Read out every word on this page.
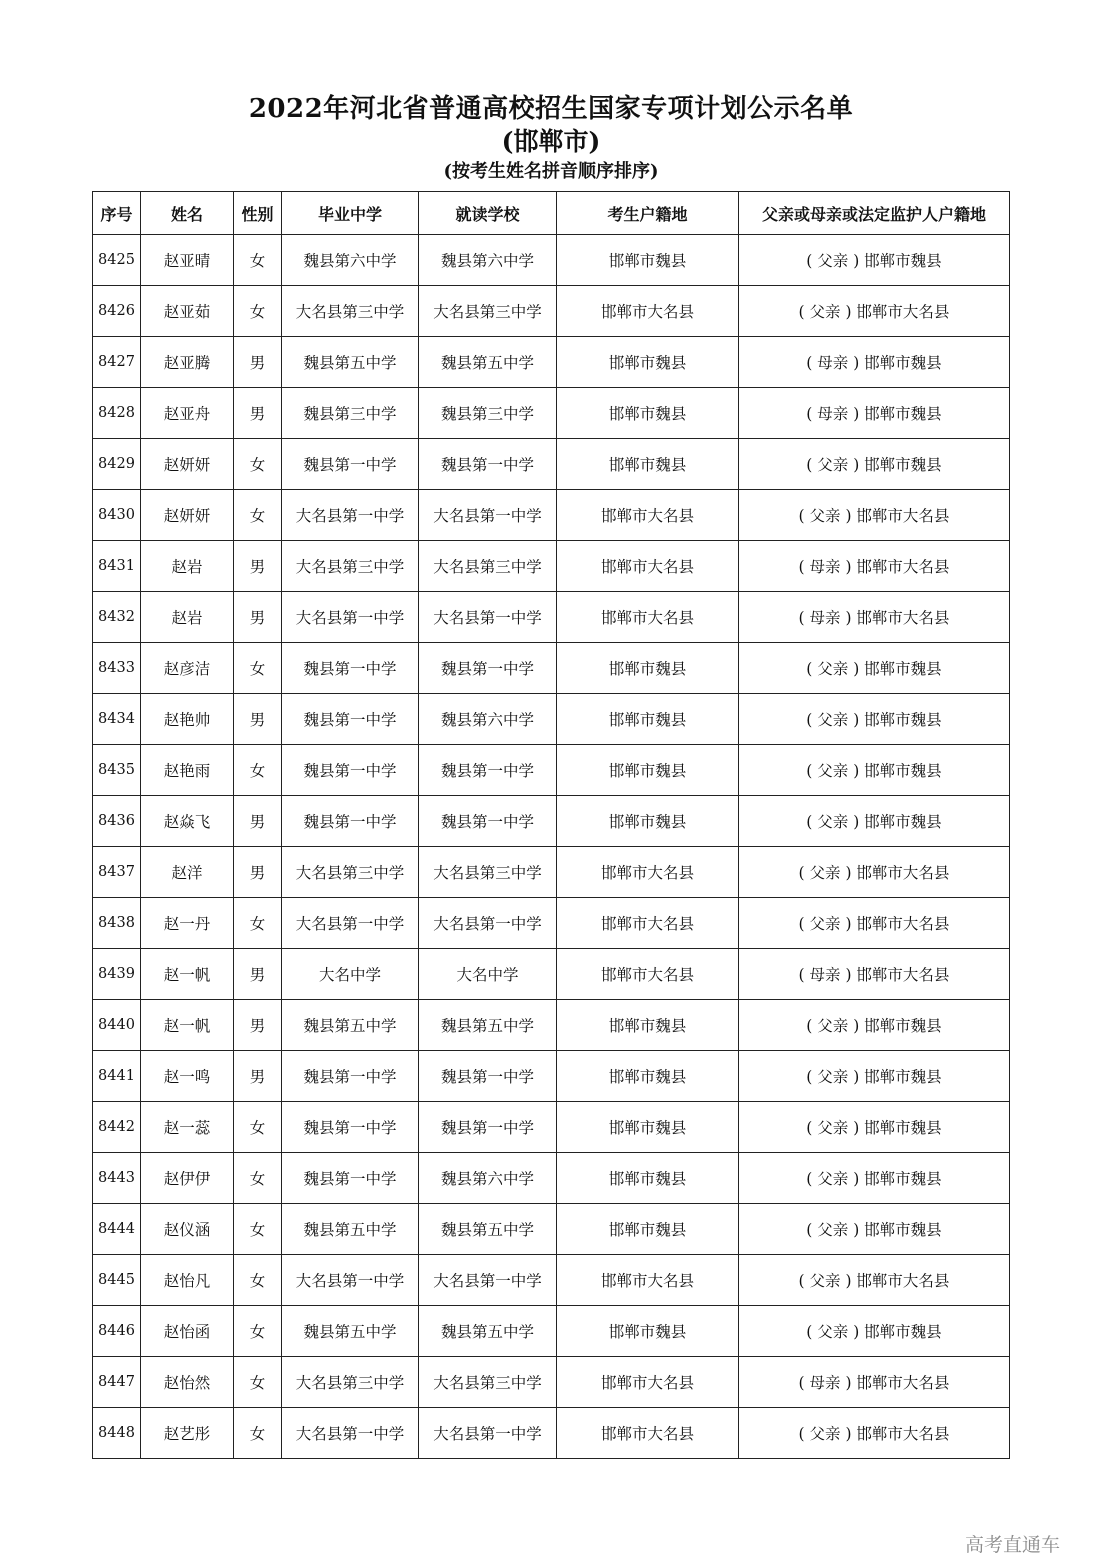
2022年河北省普通高校招生国家专项计划公示名单
(邯郸市)
(按考生姓名拼音顺序排序)
序号	姓名	性别	毕业中学	就读学校	考生户籍地	父亲或母亲或法定监护人户籍地
8425	赵亚晴	女	魏县第六中学	魏县第六中学	邯郸市魏县	( 父亲 ) 邯郸市魏县
8426	赵亚茹	女	大名县第三中学	大名县第三中学	邯郸市大名县	( 父亲 ) 邯郸市大名县
8427	赵亚腾	男	魏县第五中学	魏县第五中学	邯郸市魏县	( 母亲 ) 邯郸市魏县
8428	赵亚舟	男	魏县第三中学	魏县第三中学	邯郸市魏县	( 母亲 ) 邯郸市魏县
8429	赵妍妍	女	魏县第一中学	魏县第一中学	邯郸市魏县	( 父亲 ) 邯郸市魏县
8430	赵妍妍	女	大名县第一中学	大名县第一中学	邯郸市大名县	( 父亲 ) 邯郸市大名县
8431	赵岩	男	大名县第三中学	大名县第三中学	邯郸市大名县	( 母亲 ) 邯郸市大名县
8432	赵岩	男	大名县第一中学	大名县第一中学	邯郸市大名县	( 母亲 ) 邯郸市大名县
8433	赵彦洁	女	魏县第一中学	魏县第一中学	邯郸市魏县	( 父亲 ) 邯郸市魏县
8434	赵艳帅	男	魏县第一中学	魏县第六中学	邯郸市魏县	( 父亲 ) 邯郸市魏县
8435	赵艳雨	女	魏县第一中学	魏县第一中学	邯郸市魏县	( 父亲 ) 邯郸市魏县
8436	赵焱飞	男	魏县第一中学	魏县第一中学	邯郸市魏县	( 父亲 ) 邯郸市魏县
8437	赵洋	男	大名县第三中学	大名县第三中学	邯郸市大名县	( 父亲 ) 邯郸市大名县
8438	赵一丹	女	大名县第一中学	大名县第一中学	邯郸市大名县	( 父亲 ) 邯郸市大名县
8439	赵一帆	男	大名中学	大名中学	邯郸市大名县	( 母亲 ) 邯郸市大名县
8440	赵一帆	男	魏县第五中学	魏县第五中学	邯郸市魏县	( 父亲 ) 邯郸市魏县
8441	赵一鸣	男	魏县第一中学	魏县第一中学	邯郸市魏县	( 父亲 ) 邯郸市魏县
8442	赵一蕊	女	魏县第一中学	魏县第一中学	邯郸市魏县	( 父亲 ) 邯郸市魏县
8443	赵伊伊	女	魏县第一中学	魏县第六中学	邯郸市魏县	( 父亲 ) 邯郸市魏县
8444	赵仪涵	女	魏县第五中学	魏县第五中学	邯郸市魏县	( 父亲 ) 邯郸市魏县
8445	赵怡凡	女	大名县第一中学	大名县第一中学	邯郸市大名县	( 父亲 ) 邯郸市大名县
8446	赵怡函	女	魏县第五中学	魏县第五中学	邯郸市魏县	( 父亲 ) 邯郸市魏县
8447	赵怡然	女	大名县第三中学	大名县第三中学	邯郸市大名县	( 母亲 ) 邯郸市大名县
8448	赵艺彤	女	大名县第一中学	大名县第一中学	邯郸市大名县	( 父亲 ) 邯郸市大名县
高考直通车
